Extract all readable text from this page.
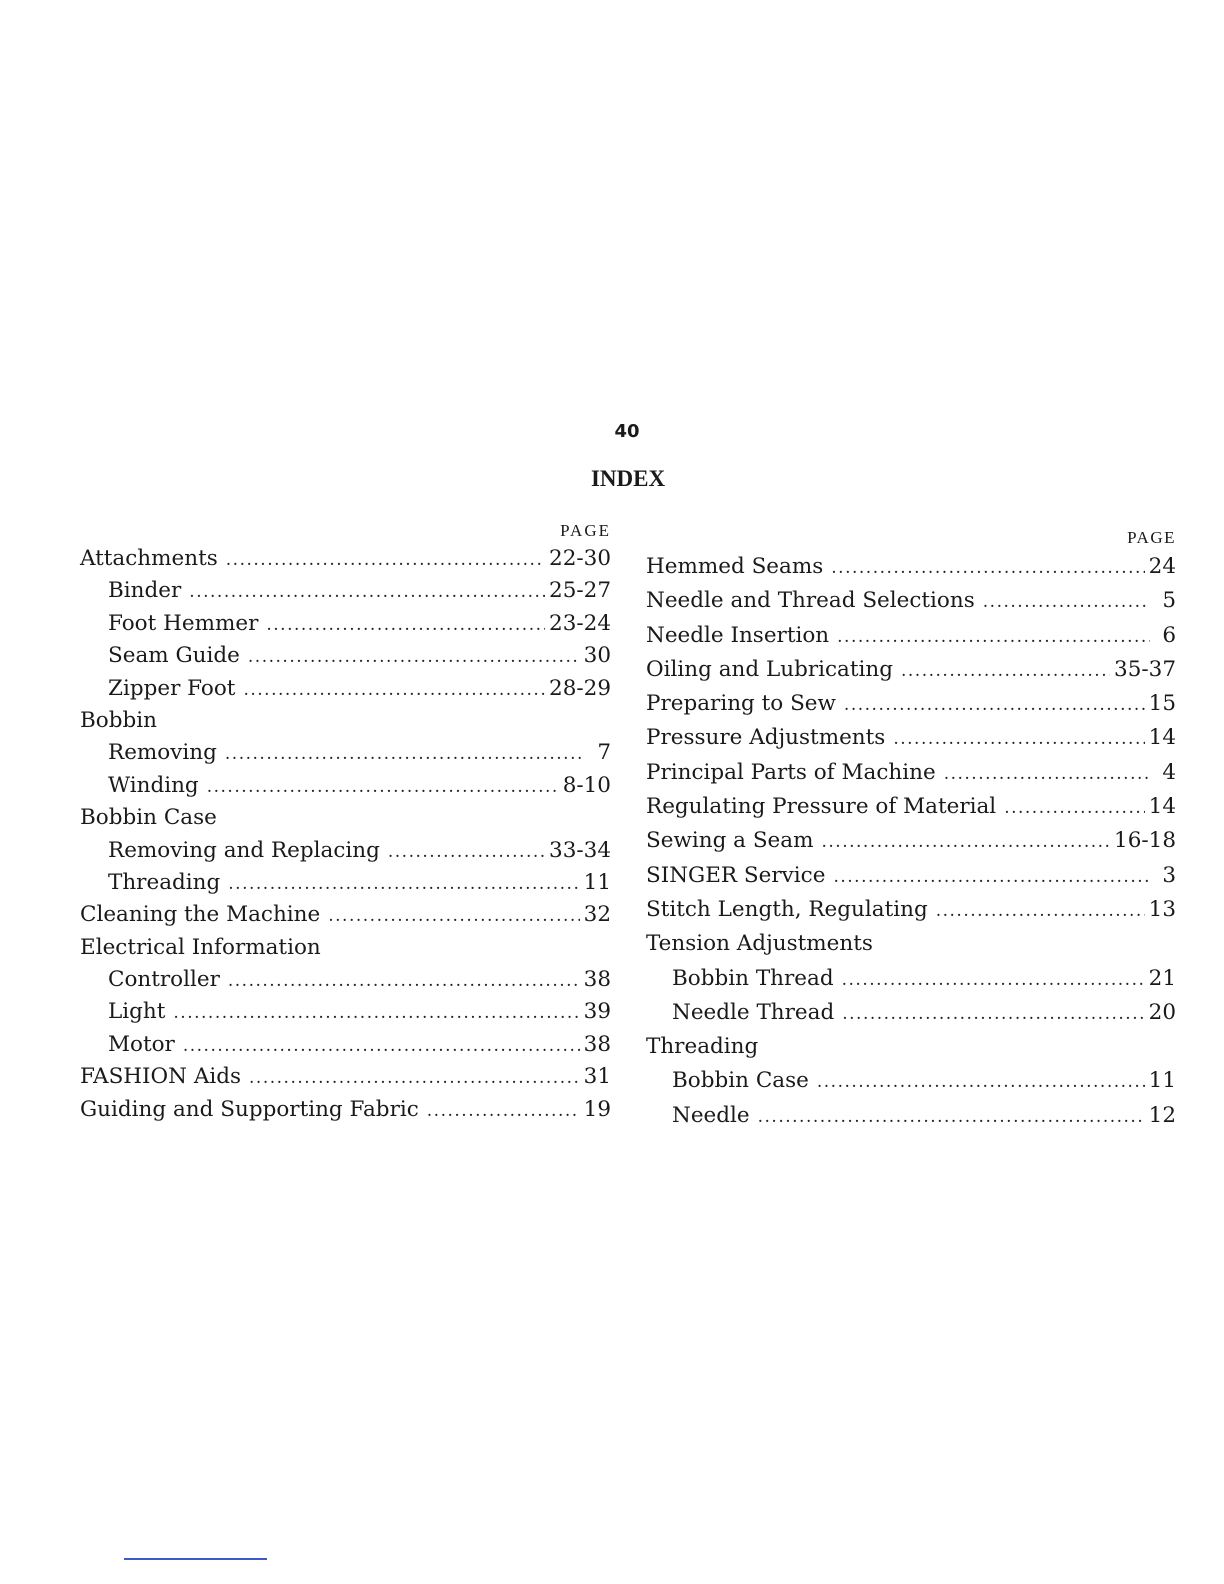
40
INDEX
PAGE
Attachments .....	22-30
Binder .....	25-27
Foot Hemmer .....	23-24
Seam Guide .....	30
Zipper Foot .....	28-29
Bobbin
Removing .....	7
Winding .....	8-10
Bobbin Case
Removing and Replacing .....	33-34
Threading .....	11
Cleaning the Machine .....	32
Electrical Information
Controller .....	38
Light .....	39
Motor .....	38
FASHION Aids .....	31
Guiding and Supporting Fabric .....	19
PAGE
Hemmed Seams .....	24
Needle and Thread Selections .....	5
Needle Insertion .....	6
Oiling and Lubricating .....	35-37
Preparing to Sew .....	15
Pressure Adjustments .....	14
Principal Parts of Machine .....	4
Regulating Pressure of Material .....	14
Sewing a Seam .....	16-18
SINGER Service .....	3
Stitch Length, Regulating .....	13
Tension Adjustments
Bobbin Thread .....	21
Needle Thread .....	20
Threading
Bobbin Case .....	11
Needle .....	12
